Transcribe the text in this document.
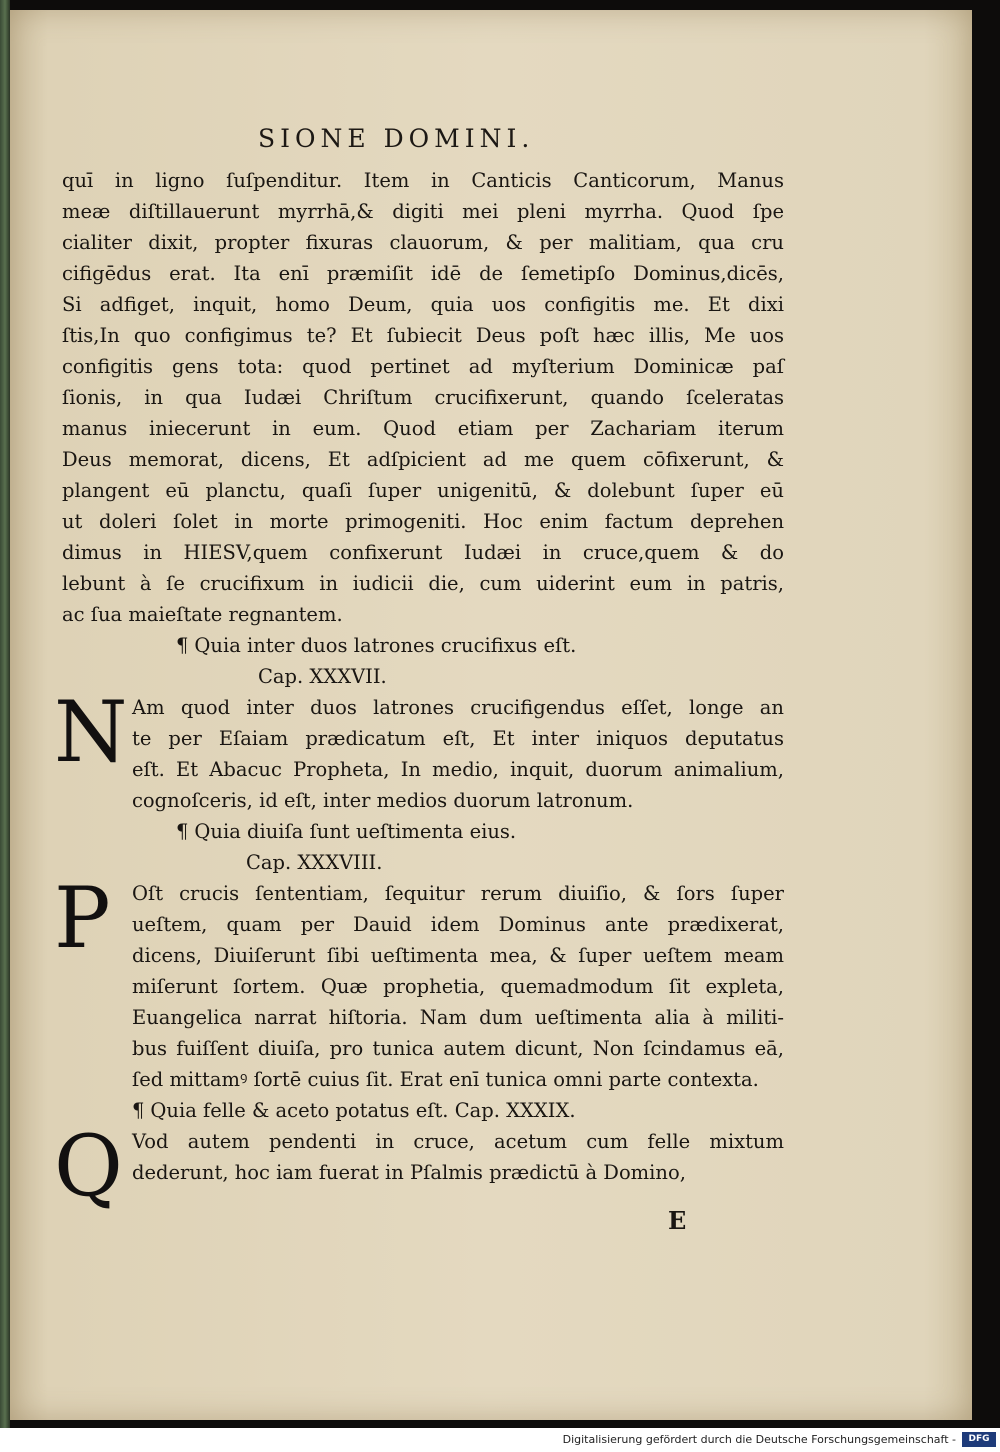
SIONE DOMINI.
quī in ligno ſuſpenditur. Item in Canticis Canticorum, Manus
meæ diſtillauerunt myrrhā,& digiti mei pleni myrrha. Quod ſpe
cialiter dixit, propter fixuras clauorum, & per malitiam, qua cru
cifigēdus erat. Ita enī præmiſit idē de ſemetipſo Dominus,dicēs,
Si adfiget, inquit, homo Deum, quia uos configitis me. Et dixi
ſtis,In quo configimus te? Et ſubiecit Deus poſt hæc illis, Me uos
configitis gens tota: quod pertinet ad myſterium Dominicæ paſ
ſionis, in qua Iudæi Chriſtum crucifixerunt, quando ſceleratas
manus iniecerunt in eum. Quod etiam per Zachariam iterum
Deus memorat, dicens, Et adſpicient ad me quem cōfixerunt, &
plangent eū planctu, quaſi ſuper unigenitū, & dolebunt ſuper eū
ut doleri ſolet in morte primogeniti. Hoc enim factum deprehen
dimus in HIESV,quem confixerunt Iudæi in cruce,quem & do
lebunt à ſe crucifixum in iudicii die, cum uiderint eum in patris,
ac ſua maieſtate regnantem.
¶ Quia inter duos latrones crucifixus eſt.
Cap. XXXVII.
N Am quod inter duos latrones crucifigendus eſſet, longe an
te per Eſaiam prædicatum eſt, Et inter iniquos deputatus
eſt. Et Abacuc Propheta, In medio, inquit, duorum animalium,
cognoſceris, id eſt, inter medios duorum latronum.
¶ Quia diuiſa ſunt ueſtimenta eius.
Cap. XXXVIII.
P	Oſt crucis ſententiam, ſequitur rerum diuiſio, & ſors ſuper
ueſtem, quam per Dauid idem Dominus ante prædixerat,
dicens, Diuiſerunt ſibi ueſtimenta mea, & ſuper ueſtem meam
miſerunt ſortem. Quæ prophetia, quemadmodum ſit expleta,
Euangelica narrat hiſtoria. Nam dum ueſtimenta alia à militi-
bus fuiſſent diuiſa, pro tunica autem dicunt, Non ſcindamus eā,
ſed mittamꝰ ſortē cuius ſit. Erat enī tunica omni parte contexta.
¶ Quia felle & aceto potatus eſt. Cap. XXXIX.
Q Vod autem pendenti in cruce, acetum cum felle mixtum
dederunt, hoc iam fuerat in Pſalmis prædictū à Domino,
E
Digitalisierung gefördert durch die Deutsche Forschungsgemeinschaft -	DFG
